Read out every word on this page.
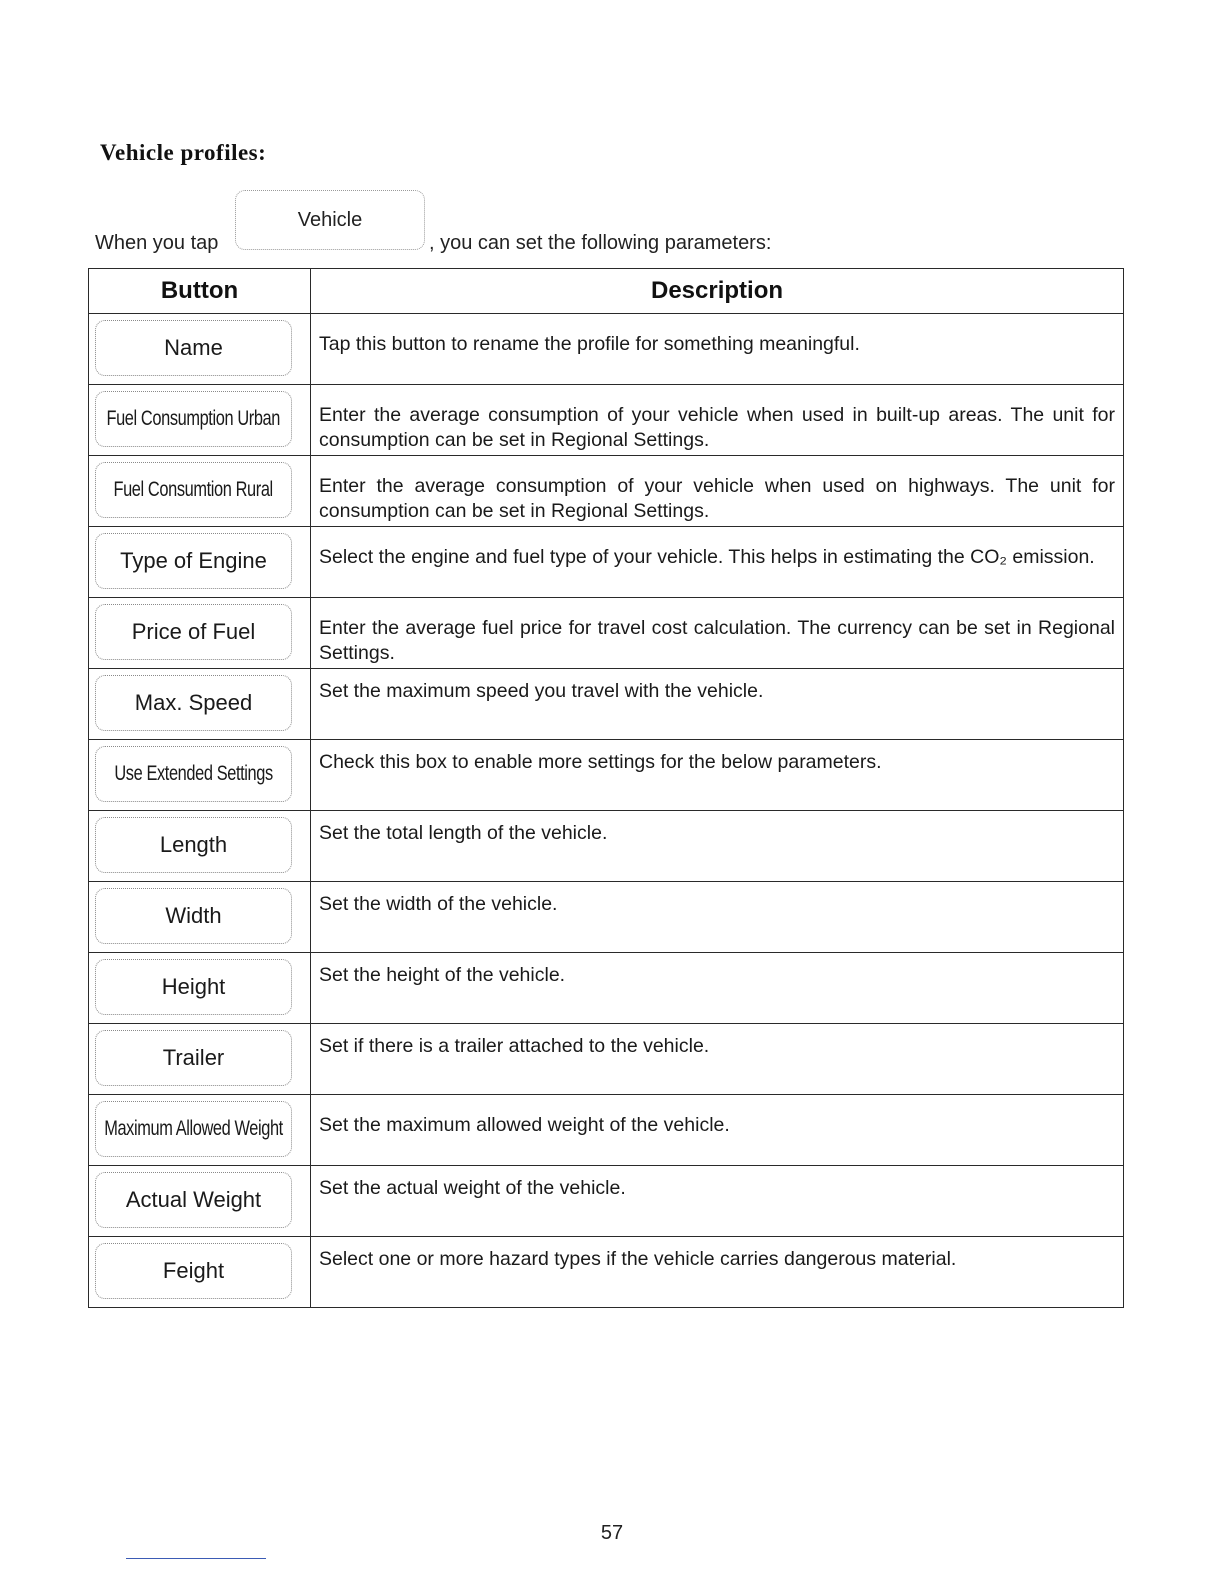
Vehicle profiles:
When you tap
Vehicle
, you can set the following parameters:
Button	Description

Name	Tap this button to rename the profile for something meaningful.

Fuel Consumption Urban	Enter the average consumption of your vehicle when used in built-up areas. The unit for consumption can be set in Regional Settings.

Fuel Consumtion Rural	Enter the average consumption of your vehicle when used on highways. The unit for consumption can be set in Regional Settings.

Type of Engine	Select the engine and fuel type of your vehicle. This helps in estimating the CO₂ emission.

Price of Fuel	Enter the average fuel price for travel cost calculation. The currency can be set in Regional Settings.

Max. Speed	Set the maximum speed you travel with the vehicle.

Use Extended Settings	Check this box to enable more settings for the below parameters.

Length	Set the total length of the vehicle.

Width	Set the width of the vehicle.

Height	Set the height of the vehicle.

Trailer	Set if there is a trailer attached to the vehicle.

Maximum Allowed Weight	Set the maximum allowed weight of the vehicle.

Actual Weight	Set the actual weight of the vehicle.

Feight	Select one or more hazard types if the vehicle carries dangerous material.
57
